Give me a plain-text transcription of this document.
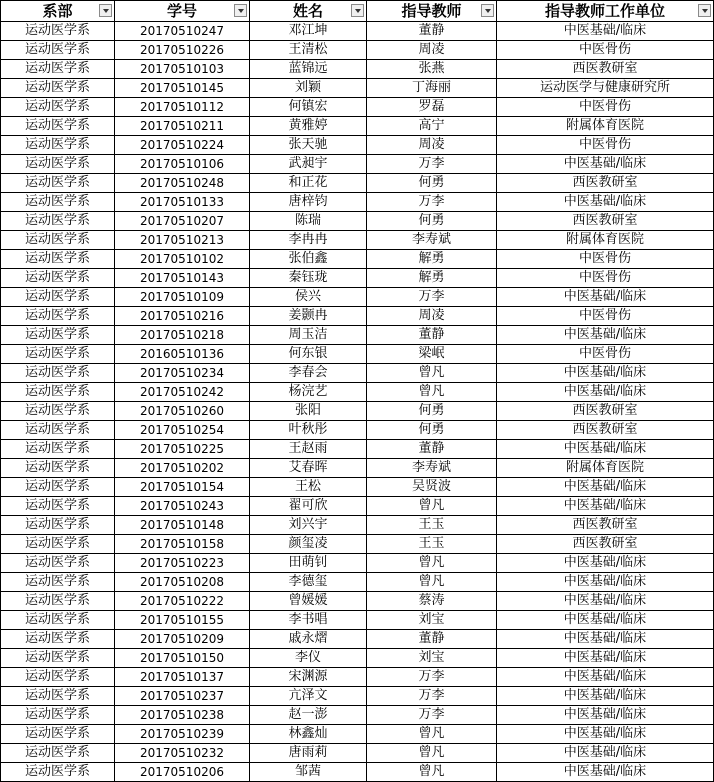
系部	学号	姓名	指导教师	指导教师工作单位

运动医学系	20170510247	邓江坤	董静	中医基础/临床
运动医学系	20170510226	王清松	周凌	中医骨伤
运动医学系	20170510103	蓝锦远	张燕	西医教研室
运动医学系	20170510145	刘颖	丁海丽	运动医学与健康研究所
运动医学系	20170510112	何镇宏	罗磊	中医骨伤
运动医学系	20170510211	黄雅婷	高宁	附属体育医院
运动医学系	20170510224	张天驰	周凌	中医骨伤
运动医学系	20170510106	武昶宇	万李	中医基础/临床
运动医学系	20170510248	和正花	何勇	西医教研室
运动医学系	20170510133	唐梓钧	万李	中医基础/临床
运动医学系	20170510207	陈瑞	何勇	西医教研室
运动医学系	20170510213	李冉冉	李寿斌	附属体育医院
运动医学系	20170510102	张伯鑫	解勇	中医骨伤
运动医学系	20170510143	秦钰珑	解勇	中医骨伤
运动医学系	20170510109	侯兴	万李	中医基础/临床
运动医学系	20170510216	姜颢冉	周凌	中医骨伤
运动医学系	20170510218	周玉洁	董静	中医基础/临床
运动医学系	20160510136	何东银	梁岷	中医骨伤
运动医学系	20170510234	李春会	曾凡	中医基础/临床
运动医学系	20170510242	杨浣艺	曾凡	中医基础/临床
运动医学系	20170510260	张阳	何勇	西医教研室
运动医学系	20170510254	叶秋彤	何勇	西医教研室
运动医学系	20170510225	王赵雨	董静	中医基础/临床
运动医学系	20170510202	艾春晖	李寿斌	附属体育医院
运动医学系	20170510154	王松	吴贤波	中医基础/临床
运动医学系	20170510243	翟可欣	曾凡	中医基础/临床
运动医学系	20170510148	刘兴宇	王玉	西医教研室
运动医学系	20170510158	颜玺凌	王玉	西医教研室
运动医学系	20170510223	田萌钊	曾凡	中医基础/临床
运动医学系	20170510208	李德玺	曾凡	中医基础/临床
运动医学系	20170510222	曾媛媛	蔡涛	中医基础/临床
运动医学系	20170510155	李书唱	刘宝	中医基础/临床
运动医学系	20170510209	戚永熠	董静	中医基础/临床
运动医学系	20170510150	李仪	刘宝	中医基础/临床
运动医学系	20170510137	宋渊源	万李	中医基础/临床
运动医学系	20170510237	亢泽文	万李	中医基础/临床
运动医学系	20170510238	赵一澎	万李	中医基础/临床
运动医学系	20170510239	林鑫灿	曾凡	中医基础/临床
运动医学系	20170510232	唐雨莉	曾凡	中医基础/临床
运动医学系	20170510206	邹茜	曾凡	中医基础/临床
